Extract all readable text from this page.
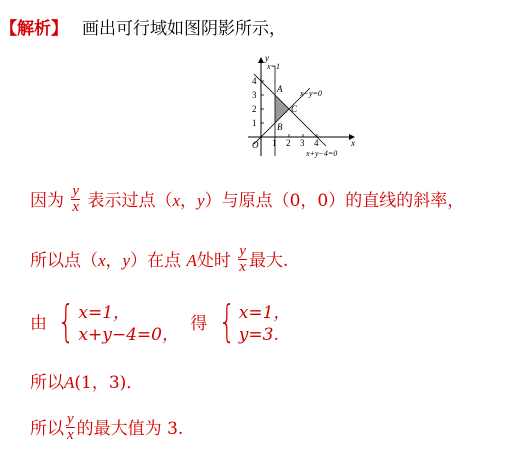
【解析】 画出可行域如图阴影所示，
1 2 3 4
1
2
3
4
O
y
x
x=1
x−y=0
x+y−4=0
A
B
C
因为 $\frac{y}{x}$ 表示过点（x，y）与原点（0，0）的直线的斜率，
所以点（x，y）在点 A处时 $\frac{y}{x}$ 最大.
由 { x=1，
x+y−4=0，
得 { x=1，
y=3.
所以A(1，3)．
所以 $\frac{y}{x}$ 的最大值为 3.
